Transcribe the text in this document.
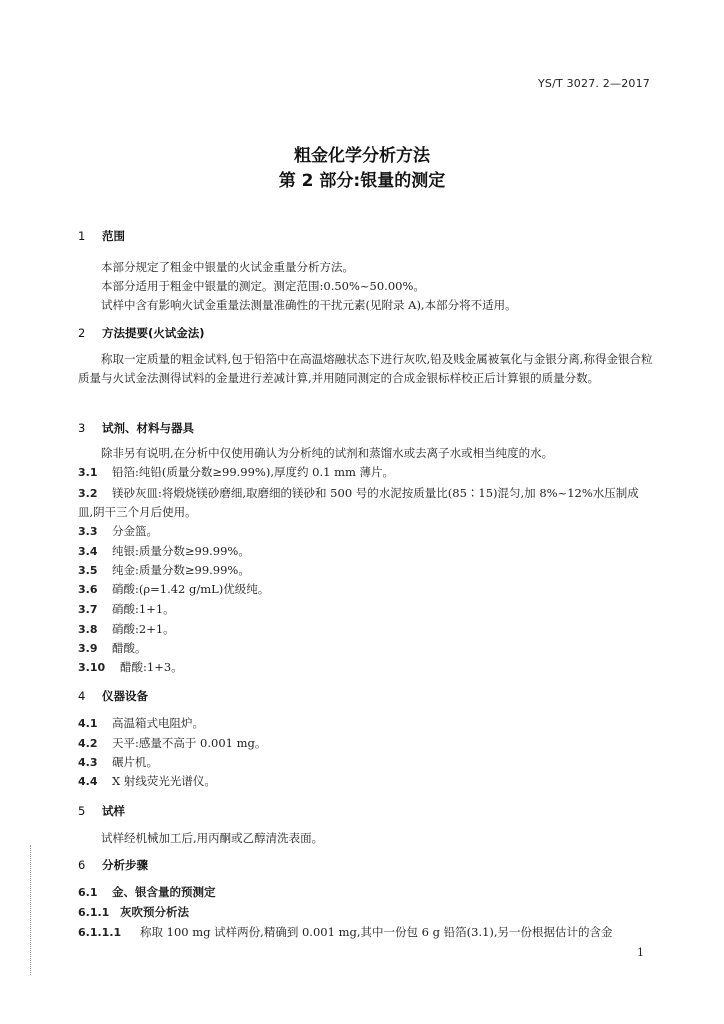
YS/T 3027. 2—2017
粗金化学分析方法
第 2 部分:银量的测定
1 范围
本部分规定了粗金中银量的火试金重量分析方法。
本部分适用于粗金中银量的测定。测定范围:0.50%~50.00%。
试样中含有影响火试金重量法测量准确性的干扰元素(见附录 A),本部分将不适用。
2 方法提要(火试金法)
称取一定质量的粗金试料,包于铅箔中在高温熔融状态下进行灰吹,铅及贱金属被氧化与金银分离,称得金银合粒质量与火试金法测得试料的金量进行差减计算,并用随同测定的合成金银标样校正后计算银的质量分数。
3 试剂、材料与器具
除非另有说明,在分析中仅使用确认为分析纯的试剂和蒸馏水或去离子水或相当纯度的水。
3.1 铅箔:纯铅(质量分数≥99.99%),厚度约 0.1 mm 薄片。
3.2 镁砂灰皿:将煅烧镁砂磨细,取磨细的镁砂和 500 号的水泥按质量比(85∶15)混匀,加 8%~12%水压制成皿,阴干三个月后使用。
3.3 分金篮。
3.4 纯银:质量分数≥99.99%。
3.5 纯金:质量分数≥99.99%。
3.6 硝酸:(ρ=1.42 g/mL)优级纯。
3.7 硝酸:1+1。
3.8 硝酸:2+1。
3.9 醋酸。
3.10 醋酸:1+3。
4 仪器设备
4.1 高温箱式电阻炉。
4.2 天平:感量不高于 0.001 mg。
4.3 碾片机。
4.4 X 射线荧光光谱仪。
5 试样
试样经机械加工后,用丙酮或乙醇清洗表面。
6 分析步骤
6.1 金、银含量的预测定
6.1.1 灰吹预分析法
6.1.1.1 称取 100 mg 试样两份,精确到 0.001 mg,其中一份包 6 g 铅箔(3.1),另一份根据估计的含金
1
